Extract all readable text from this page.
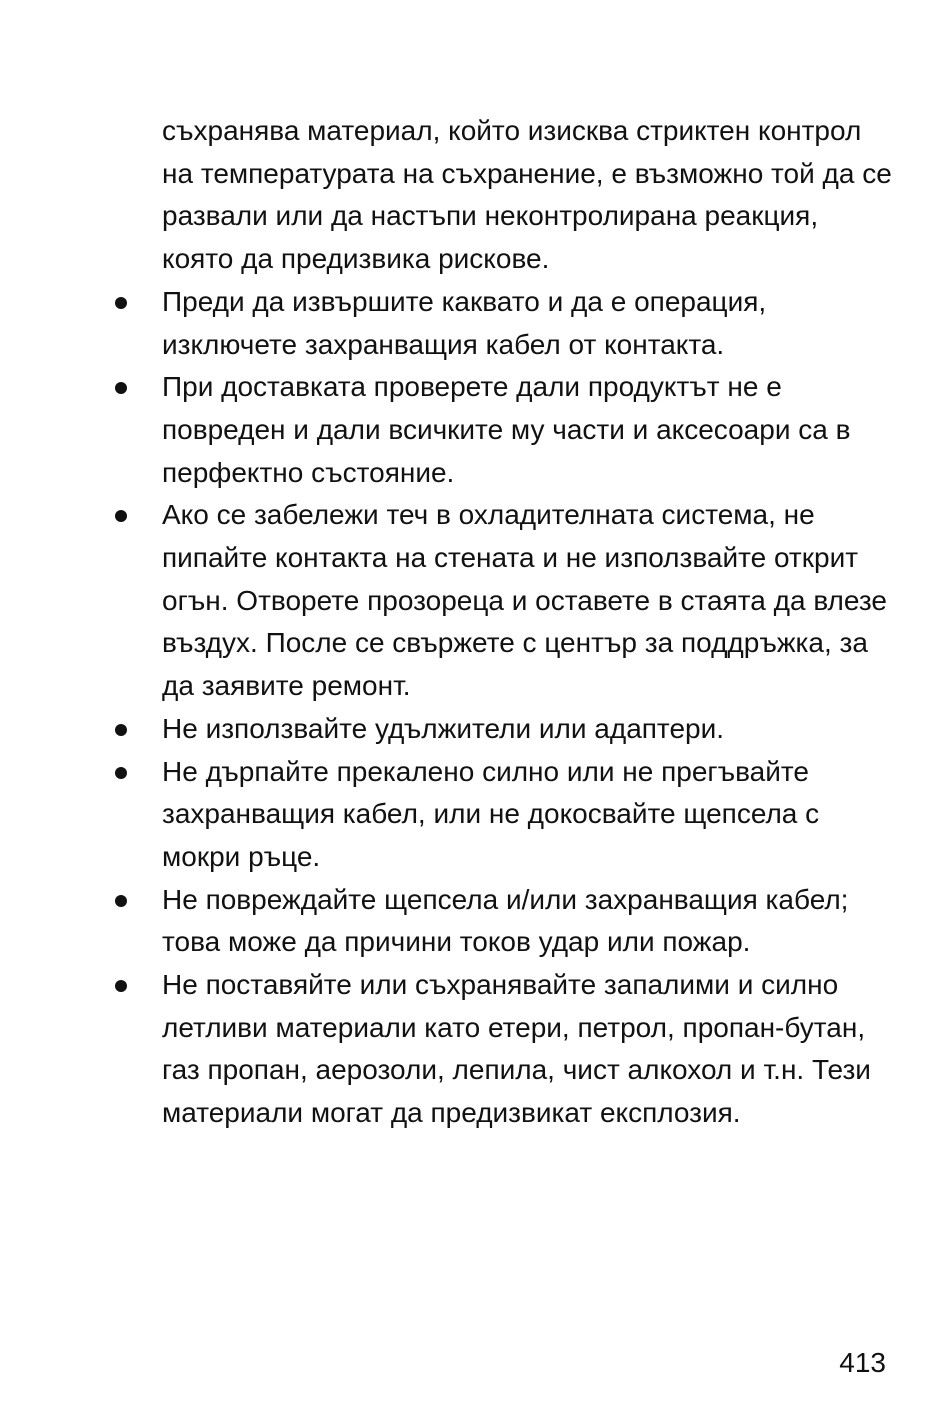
съхранява материал, който изисква стриктен контрол на температурата на съхранение, е възможно той да се развали или да настъпи неконтролирана реакция, която да предизвика рискове.

Преди да извършите каквато и да е операция, изключете захранващия кабел от контакта.
При доставката проверете дали продуктът не е повреден и дали всичките му части и аксесоари са в перфектно състояние.
Ако се забележи теч в охладителната система, не пипайте контакта на стената и не използвайте открит огън. Отворете прозореца и оставете в стаята да влезе въздух. После се свържете с център за поддръжка, за да заявите ремонт.
Не използвайте удължители или адаптери.
Не дърпайте прекалено силно или не прегъвайте захранващия кабел, или не докосвайте щепсела с мокри ръце.
Не повреждайте щепсела и/или захранващия кабел; това може да причини токов удар или пожар.
Не поставяйте или съхранявайте запалими и силно летливи материали като етери, петрол, пропан-бутан, газ пропан, аерозоли, лепила, чист алкохол и т.н. Тези материали могат да предизвикат експлозия.
413
